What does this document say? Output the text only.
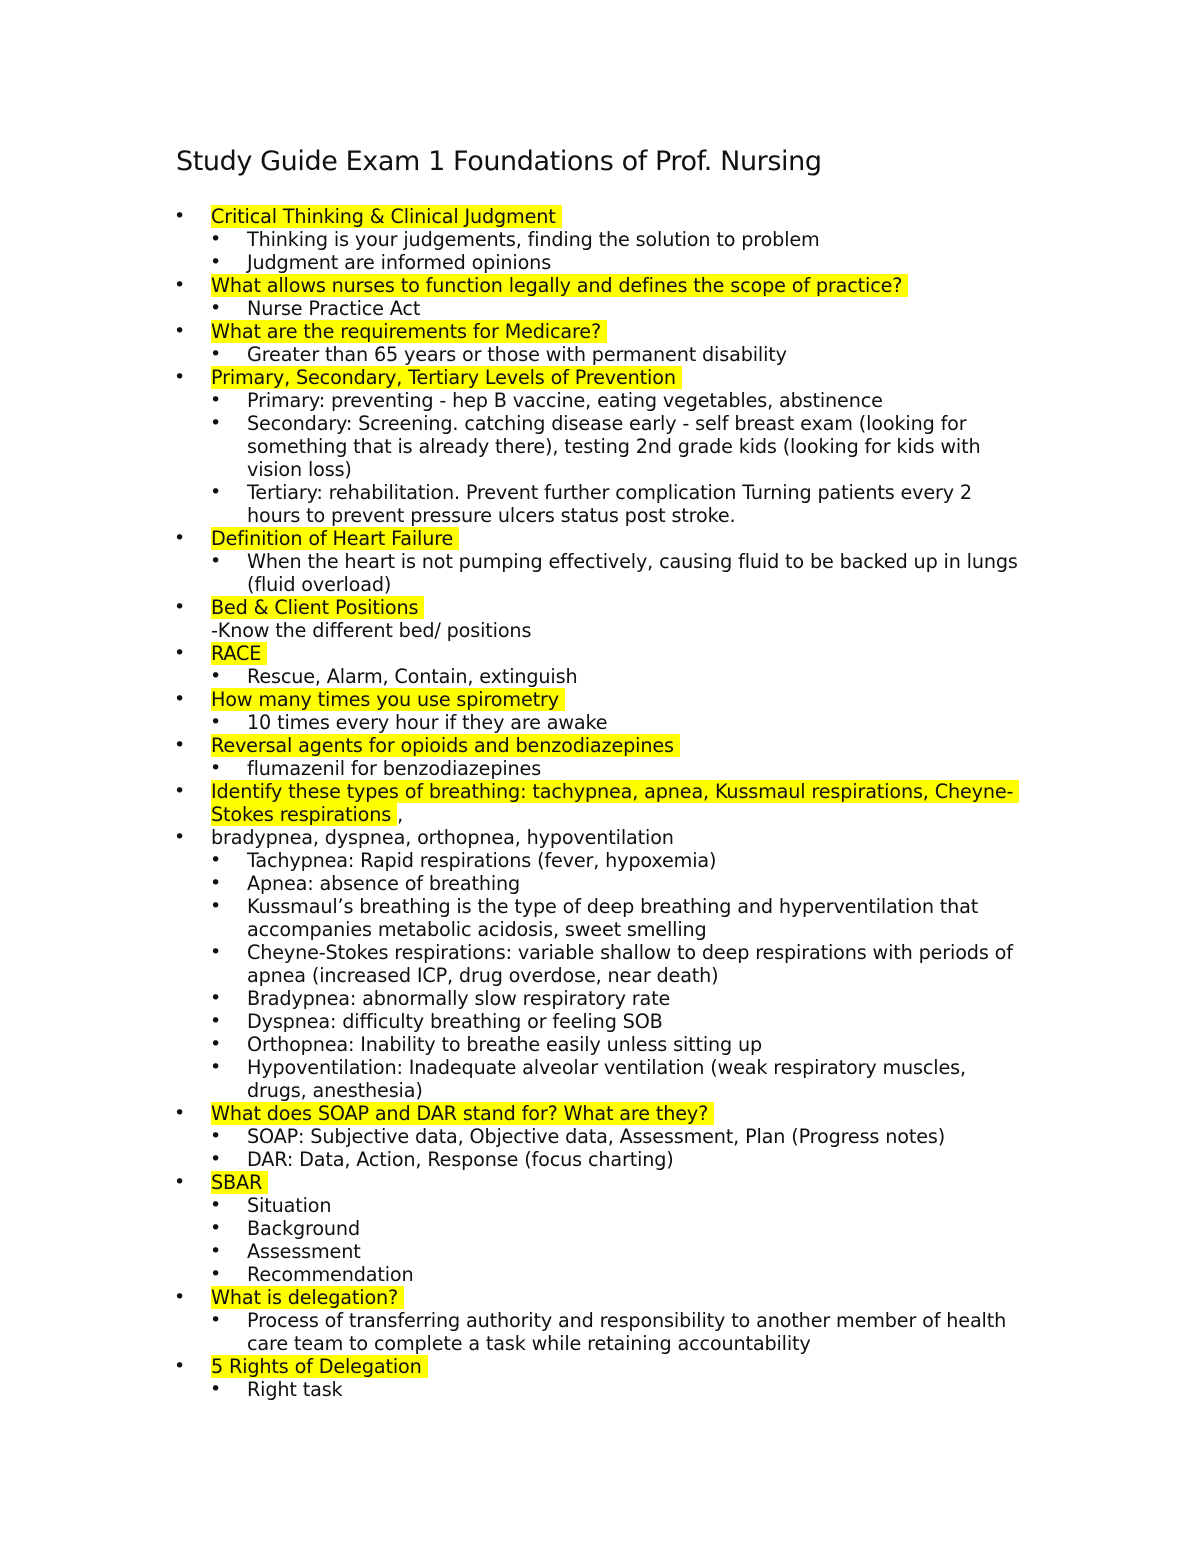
Study Guide Exam 1 Foundations of Prof. Nursing
• Critical Thinking & Clinical Judgment
• Thinking is your judgements, finding the solution to problem
• Judgment are informed opinions
• What allows nurses to function legally and defines the scope of practice?
• Nurse Practice Act
• What are the requirements for Medicare?
• Greater than 65 years or those with permanent disability
• Primary, Secondary, Tertiary Levels of Prevention
• Primary: preventing - hep B vaccine, eating vegetables, abstinence
• Secondary: Screening. catching disease early - self breast exam (looking for
something that is already there), testing 2nd grade kids (looking for kids with
vision loss)
• Tertiary: rehabilitation. Prevent further complication Turning patients every 2
hours to prevent pressure ulcers status post stroke.
• Definition of Heart Failure
• When the heart is not pumping effectively, causing fluid to be backed up in lungs
(fluid overload)
• Bed & Client Positions
-Know the different bed/ positions
• RACE
• Rescue, Alarm, Contain, extinguish
• How many times you use spirometry
• 10 times every hour if they are awake
• Reversal agents for opioids and benzodiazepines
• flumazenil for benzodiazepines
• Identify these types of breathing: tachypnea, apnea, Kussmaul respirations, Cheyne-
Stokes respirations ,
• bradypnea, dyspnea, orthopnea, hypoventilation
• Tachypnea: Rapid respirations (fever, hypoxemia)
• Apnea: absence of breathing
• Kussmaul’s breathing is the type of deep breathing and hyperventilation that
accompanies metabolic acidosis, sweet smelling
• Cheyne-Stokes respirations: variable shallow to deep respirations with periods of
apnea (increased ICP, drug overdose, near death)
• Bradypnea: abnormally slow respiratory rate
• Dyspnea: difficulty breathing or feeling SOB
• Orthopnea: Inability to breathe easily unless sitting up
• Hypoventilation: Inadequate alveolar ventilation (weak respiratory muscles,
drugs, anesthesia)
• What does SOAP and DAR stand for? What are they?
• SOAP: Subjective data, Objective data, Assessment, Plan (Progress notes)
• DAR: Data, Action, Response (focus charting)
• SBAR
• Situation
• Background
• Assessment
• Recommendation
• What is delegation?
• Process of transferring authority and responsibility to another member of health
care team to complete a task while retaining accountability
• 5 Rights of Delegation
• Right task
